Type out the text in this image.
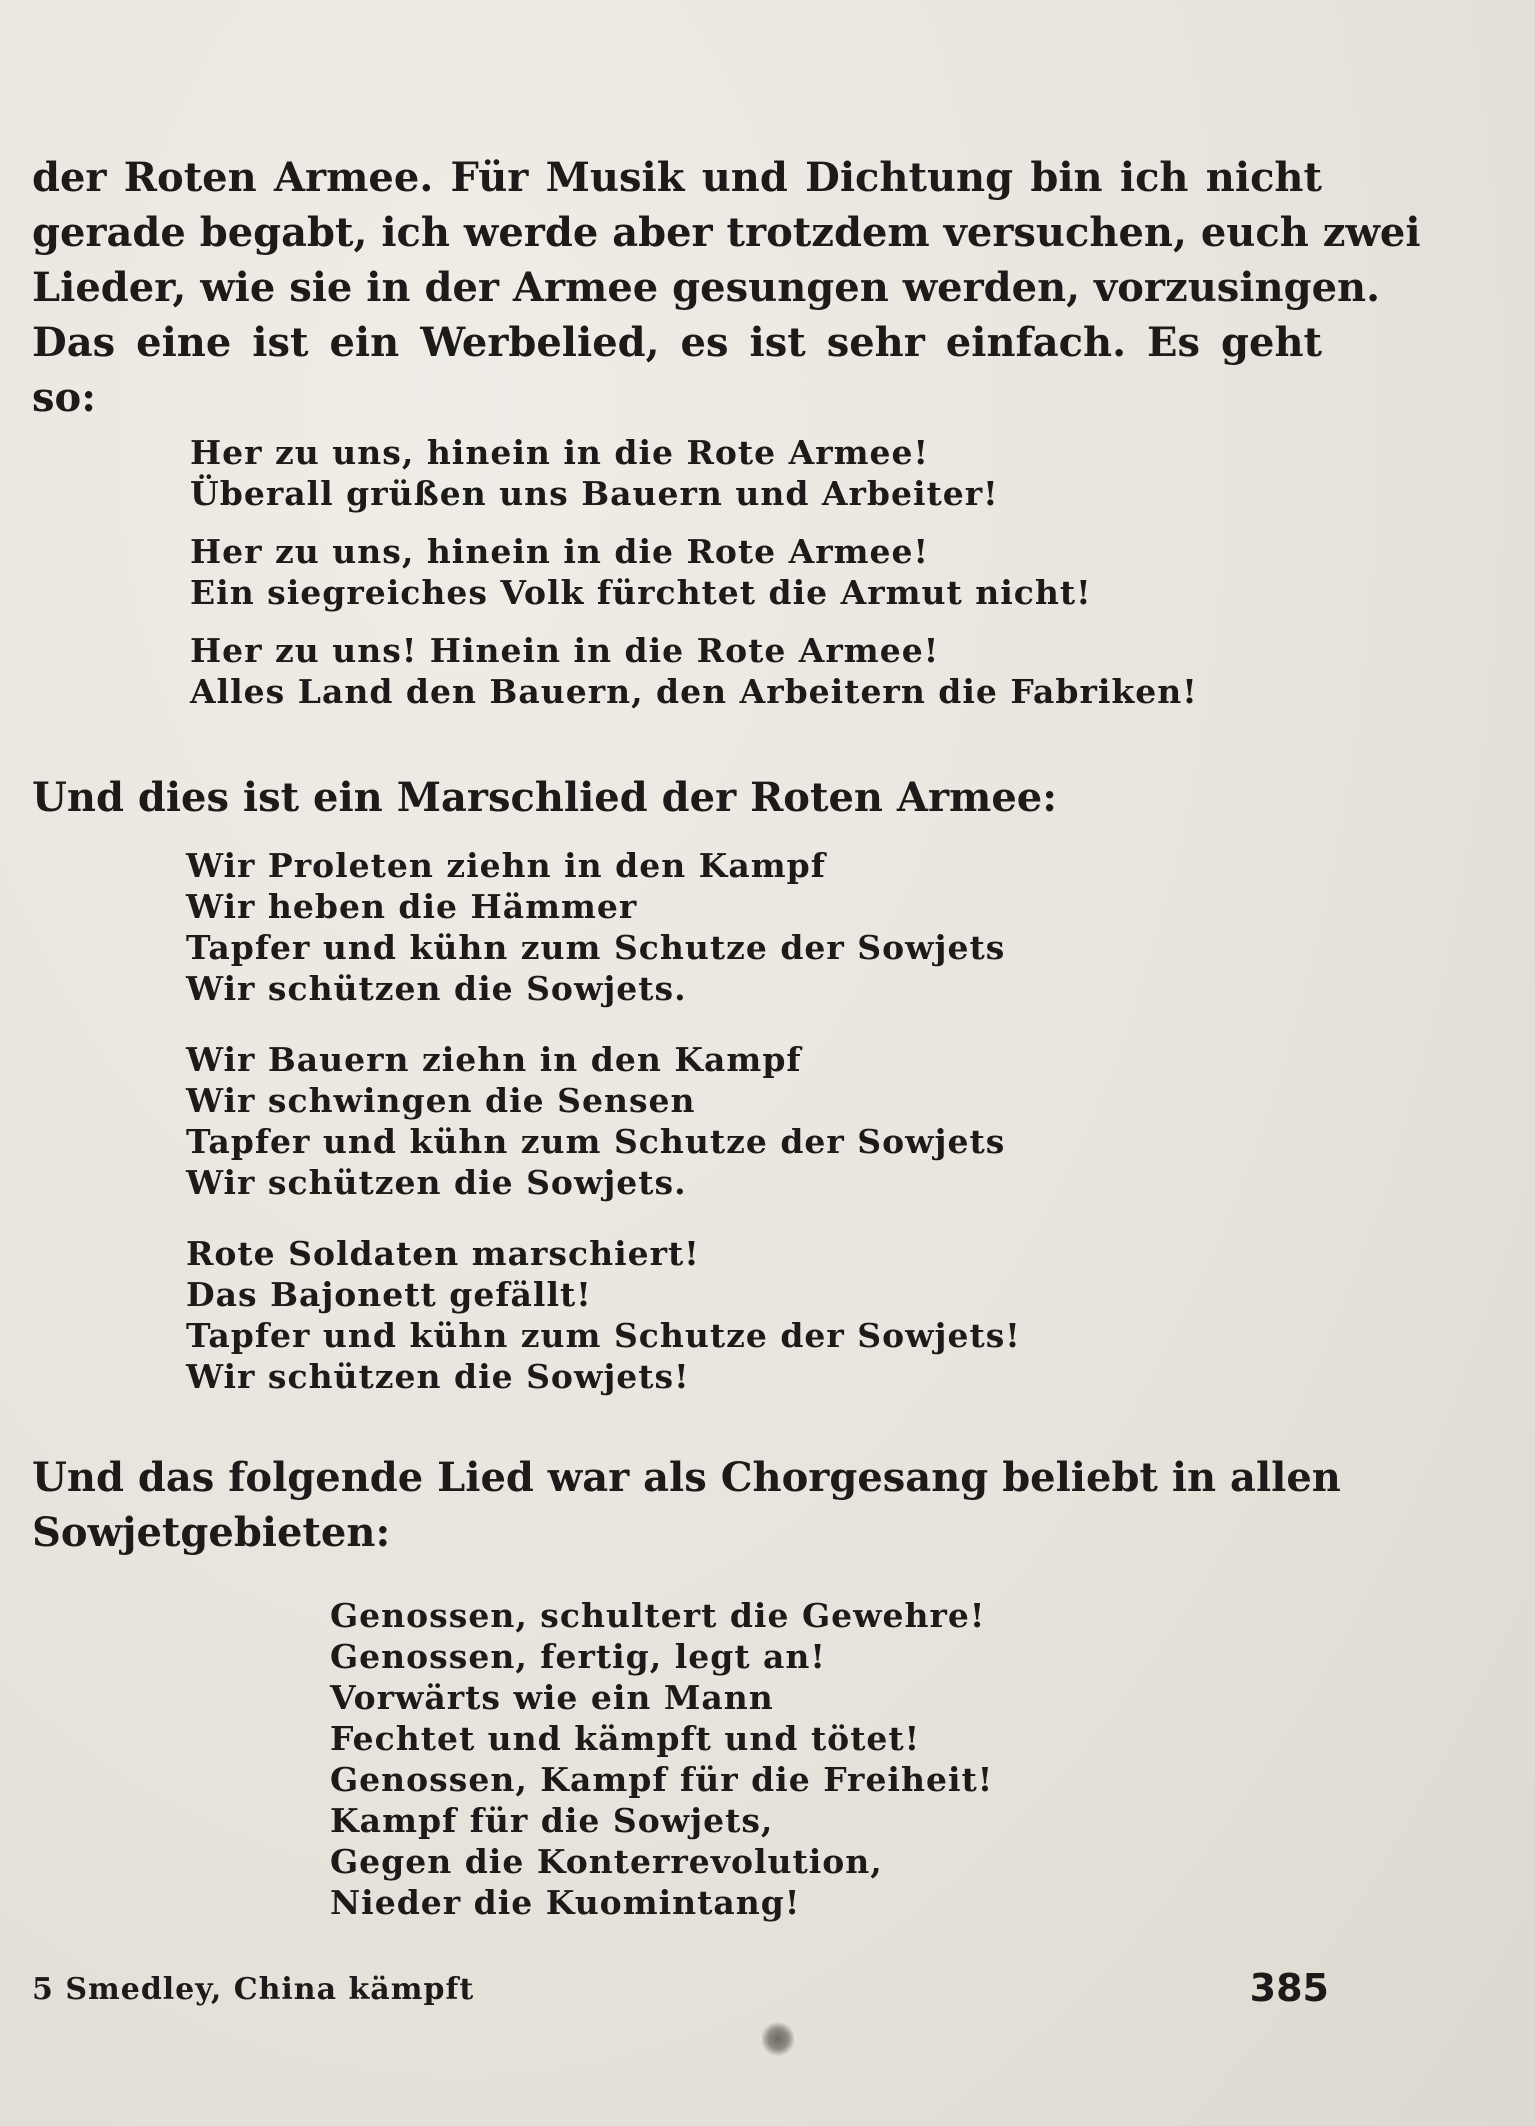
der Roten Armee. Für Musik und Dichtung bin ich nicht
gerade begabt, ich werde aber trotzdem versuchen, euch zwei
Lieder, wie sie in der Armee gesungen werden, vorzusingen.
Das eine ist ein Werbelied, es ist sehr einfach. Es geht
so:
Her zu uns, hinein in die Rote Armee!
Überall grüßen uns Bauern und Arbeiter!
Her zu uns, hinein in die Rote Armee!
Ein siegreiches Volk fürchtet die Armut nicht!
Her zu uns! Hinein in die Rote Armee!
Alles Land den Bauern, den Arbeitern die Fabriken!
Und dies ist ein Marschlied der Roten Armee:
Wir Proleten ziehn in den Kampf
Wir heben die Hämmer
Tapfer und kühn zum Schutze der Sowjets
Wir schützen die Sowjets.
Wir Bauern ziehn in den Kampf
Wir schwingen die Sensen
Tapfer und kühn zum Schutze der Sowjets
Wir schützen die Sowjets.
Rote Soldaten marschiert!
Das Bajonett gefällt!
Tapfer und kühn zum Schutze der Sowjets!
Wir schützen die Sowjets!
Und das folgende Lied war als Chorgesang beliebt in allen
Sowjetgebieten:
Genossen, schultert die Gewehre!
Genossen, fertig, legt an!
Vorwärts wie ein Mann
Fechtet und kämpft und tötet!
Genossen, Kampf für die Freiheit!
Kampf für die Sowjets,
Gegen die Konterrevolution,
Nieder die Kuomintang!
5 Smedley, China kämpft	385
